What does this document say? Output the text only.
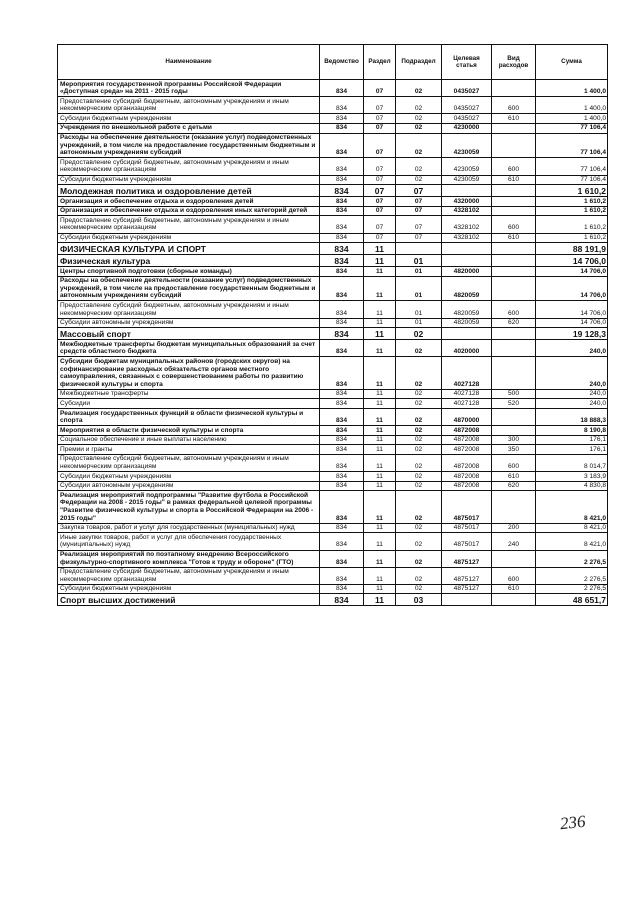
Наименование	Ведомство	Раздел	Подраздел	Целевая статья	Вид расходов	Сумма
Мероприятия государственной программы Российской Федерации «Доступная среда» на 2011 - 2015 годы	834	07	02	0435027		1 400,0
Предоставление субсидий бюджетным, автономным учреждениям и иным некоммерческим организациям	834	07	02	0435027	600	1 400,0
Субсидии бюджетным учреждениям	834	07	02	0435027	610	1 400,0
Учреждения по внешкольной работе с детьми	834	07	02	4230000		77 106,4
Расходы на обеспечение деятельности (оказание услуг) подведомственных учреждений, в том числе на предоставление государственным бюджетным и автономным учреждениям субсидий	834	07	02	4230059		77 106,4
Предоставление субсидий бюджетным, автономным учреждениям и иным некоммерческим организациям	834	07	02	4230059	600	77 106,4
Субсидии бюджетным учреждениям	834	07	02	4230059	610	77 106,4
Молодежная политика и оздоровление детей	834	07	07			1 610,2
Организация и обеспечение отдыха и оздоровления детей	834	07	07	4320000		1 610,2
Организация и обеспечение отдыха и оздоровления иных категорий детей	834	07	07	4328102		1 610,2
Предоставление субсидий бюджетным, автономным учреждениям и иным некоммерческим организациям	834	07	07	4328102	600	1 610,2
Субсидии бюджетным учреждениям	834	07	07	4328102	610	1 610,2
ФИЗИЧЕСКАЯ КУЛЬТУРА И СПОРТ	834	11				88 191,9
Физическая культура	834	11	01			14 706,0
Центры спортивной подготовки (сборные команды)	834	11	01	4820000		14 706,0
Расходы на обеспечение деятельности (оказание услуг) подведомственных учреждений, в том числе на предоставление государственным бюджетным и автономным учреждениям субсидий	834	11	01	4820059		14 706,0
Предоставление субсидий бюджетным, автономным учреждениям и иным некоммерческим организациям	834	11	01	4820059	600	14 706,0
Субсидии автономным учреждениям	834	11	01	4820059	620	14 706,0
Массовый спорт	834	11	02			19 128,3
Межбюджетные трансферты бюджетам муниципальных образований за счет средств областного бюджета	834	11	02	4020000		240,0
Субсидии бюджетам муниципальных районов (городских округов) на софинансирование расходных обязательств органов местного самоуправления, связанных с совершенствованием работы по развитию физической культуры и спорта	834	11	02	4027128		240,0
Межбюджетные трансферты	834	11	02	4027128	500	240,0
Субсидии	834	11	02	4027128	520	240,0
Реализация государственных функций в области физической культуры и спорта	834	11	02	4870000		18 888,3
Мероприятия в области физической культуры и спорта	834	11	02	4872008		8 190,8
Социальное обеспечение и иные выплаты населению	834	11	02	4872008	300	176,1
Премии и гранты	834	11	02	4872008	350	176,1
Предоставление субсидий бюджетным, автономным учреждениям и иным некоммерческим организациям	834	11	02	4872008	600	8 014,7
Субсидии бюджетным учреждениям	834	11	02	4872008	610	3 183,9
Субсидии автономным учреждениям	834	11	02	4872008	620	4 830,8
Реализация мероприятий подпрограммы "Развитие футбола в Российской Федерации на 2008 - 2015 годы" в рамках федеральной целевой программы "Развитие физической культуры и спорта в Российской Федерации на 2006 - 2015 годы"	834	11	02	4875017		8 421,0
Закупка товаров, работ и услуг для государственных (муниципальных) нужд	834	11	02	4875017	200	8 421,0
Иные закупки товаров, работ и услуг для обеспечения государственных (муниципальных) нужд	834	11	02	4875017	240	8 421,0
Реализация мероприятий по поэтапному внедрению Всероссийского физкультурно-спортивного комплекса "Готов к труду и обороне" (ГТО)	834	11	02	4875127		2 276,5
Предоставление субсидий бюджетным, автономным учреждениям и иным некоммерческим организациям	834	11	02	4875127	600	2 276,5
Субсидии бюджетным учреждениям	834	11	02	4875127	610	2 276,5
Спорт высших достижений	834	11	03			48 651,7
236
